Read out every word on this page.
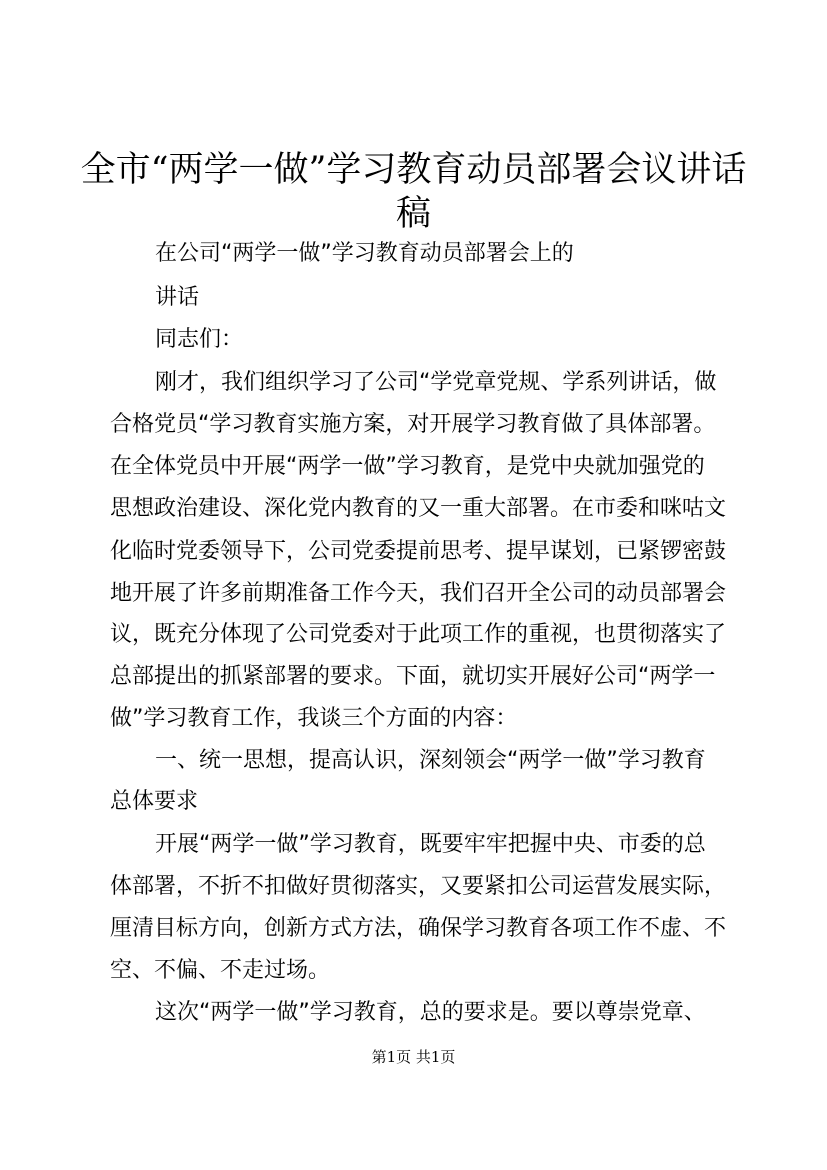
全市“两学一做”学习教育动员部署会议讲话
稿
在公司“两学一做”学习教育动员部署会上的
讲话
同志们：
刚才，我们组织学习了公司“学党章党规、学系列讲话，做
合格党员“学习教育实施方案，对开展学习教育做了具体部署。
在全体党员中开展“两学一做”学习教育，是党中央就加强党的
思想政治建设、深化党内教育的又一重大部署。在市委和咪咕文
化临时党委领导下，公司党委提前思考、提早谋划，已紧锣密鼓
地开展了许多前期准备工作今天，我们召开全公司的动员部署会
议，既充分体现了公司党委对于此项工作的重视，也贯彻落实了
总部提出的抓紧部署的要求。下面，就切实开展好公司“两学一
做”学习教育工作，我谈三个方面的内容：
一、统一思想，提高认识，深刻领会“两学一做”学习教育
总体要求
开展“两学一做”学习教育，既要牢牢把握中央、市委的总
体部署，不折不扣做好贯彻落实，又要紧扣公司运营发展实际，
厘清目标方向，创新方式方法，确保学习教育各项工作不虚、不
空、不偏、不走过场。
这次“两学一做”学习教育，总的要求是。要以尊崇党章、
第1页 共1页
